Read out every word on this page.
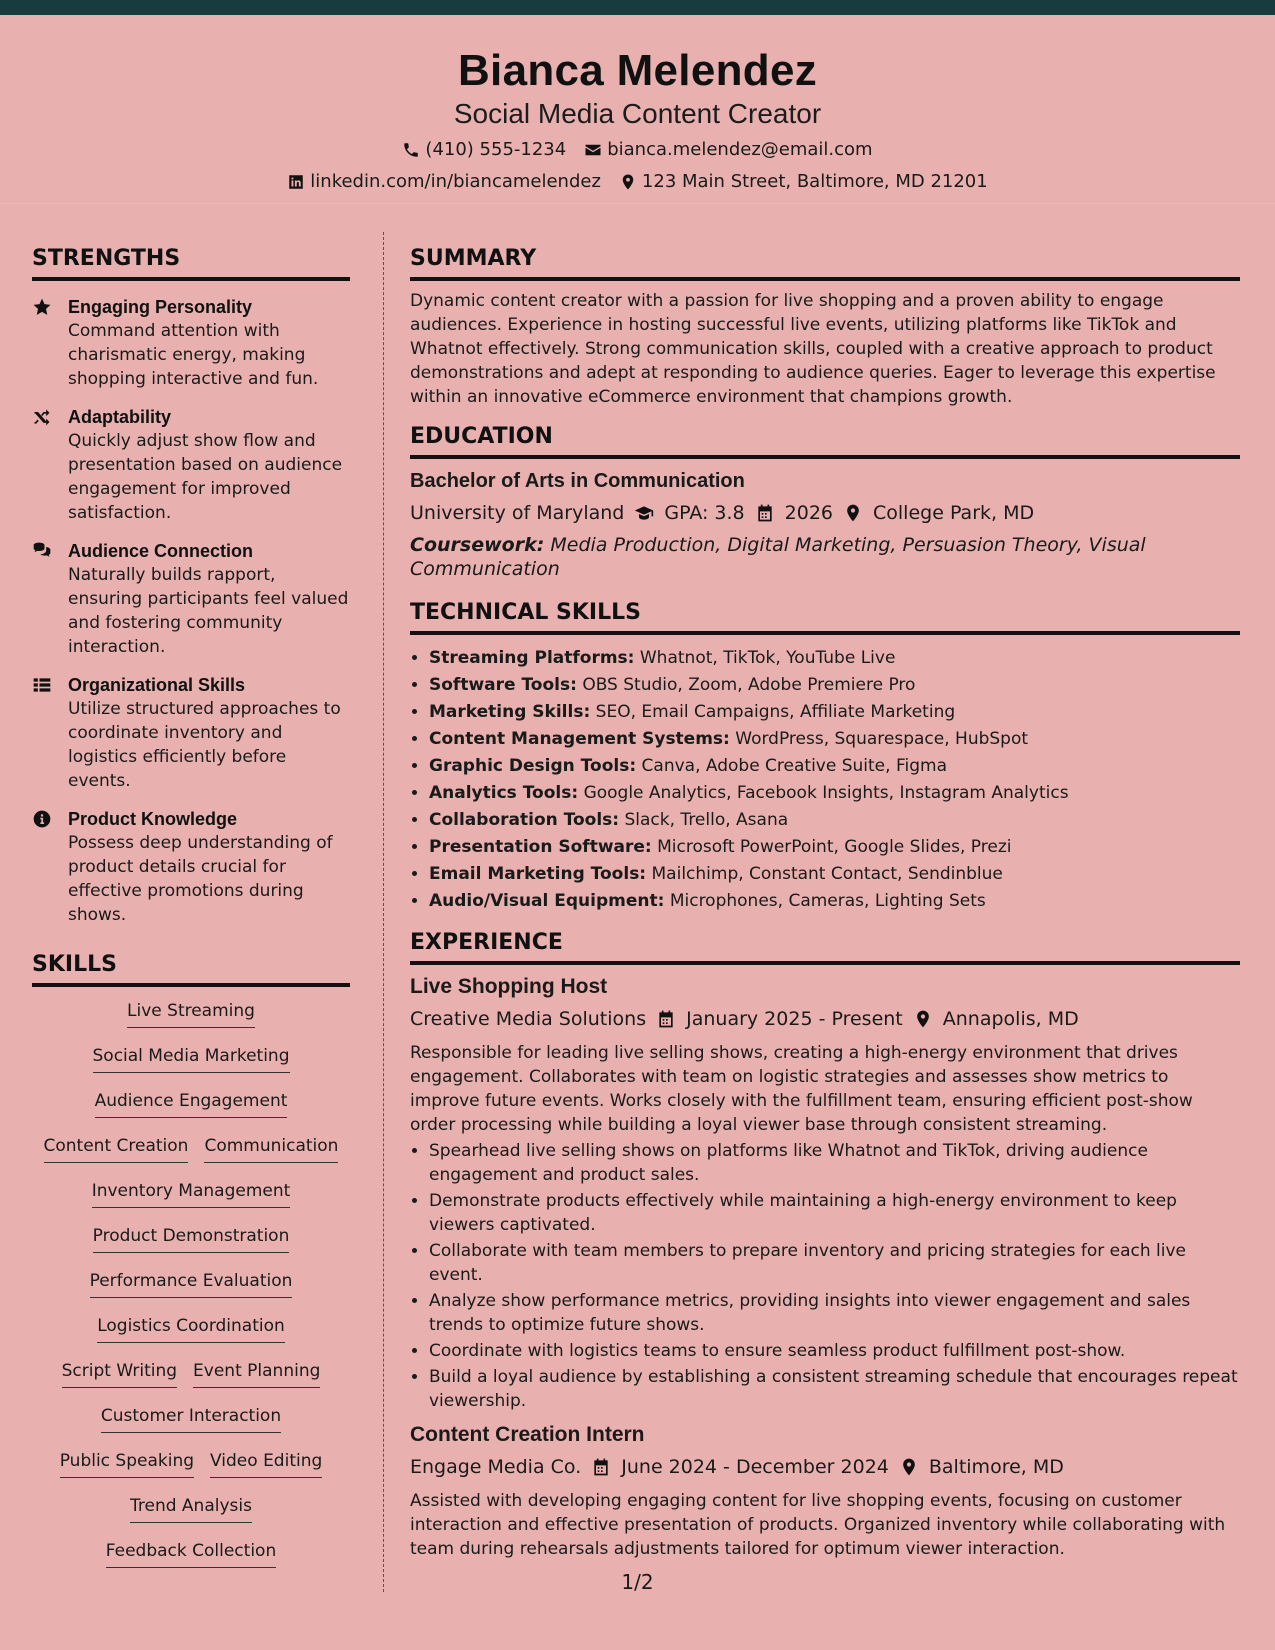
Bianca Melendez
Social Media Content Creator
(410) 555-1234 bianca.melendez@email.com
linkedin.com/in/biancamelendez 123 Main Street, Baltimore, MD 21201
STRENGTHS
Engaging Personality
Command attention with charismatic energy, making shopping interactive and fun.
Adaptability
Quickly adjust show flow and presentation based on audience engagement for improved satisfaction.
Audience Connection
Naturally builds rapport, ensuring participants feel valued and fostering community interaction.
Organizational Skills
Utilize structured approaches to coordinate inventory and logistics efficiently before events.
Product Knowledge
Possess deep understanding of product details crucial for effective promotions during shows.
SKILLS
Live Streaming
Social Media Marketing
Audience Engagement
Content Creation Communication
Inventory Management
Product Demonstration
Performance Evaluation
Logistics Coordination
Script Writing Event Planning
Customer Interaction
Public Speaking Video Editing
Trend Analysis
Feedback Collection
SUMMARY
Dynamic content creator with a passion for live shopping and a proven ability to engage audiences. Experience in hosting successful live events, utilizing platforms like TikTok and Whatnot effectively. Strong communication skills, coupled with a creative approach to product demonstrations and adept at responding to audience queries. Eager to leverage this expertise within an innovative eCommerce environment that champions growth.
EDUCATION
Bachelor of Arts in Communication
University of Maryland GPA: 3.8 2026 College Park, MD
Coursework: Media Production, Digital Marketing, Persuasion Theory, Visual Communication
TECHNICAL SKILLS
• Streaming Platforms: Whatnot, TikTok, YouTube Live
• Software Tools: OBS Studio, Zoom, Adobe Premiere Pro
• Marketing Skills: SEO, Email Campaigns, Affiliate Marketing
• Content Management Systems: WordPress, Squarespace, HubSpot
• Graphic Design Tools: Canva, Adobe Creative Suite, Figma
• Analytics Tools: Google Analytics, Facebook Insights, Instagram Analytics
• Collaboration Tools: Slack, Trello, Asana
• Presentation Software: Microsoft PowerPoint, Google Slides, Prezi
• Email Marketing Tools: Mailchimp, Constant Contact, Sendinblue
• Audio/Visual Equipment: Microphones, Cameras, Lighting Sets
EXPERIENCE
Live Shopping Host
Creative Media Solutions January 2025 - Present Annapolis, MD
Responsible for leading live selling shows, creating a high-energy environment that drives engagement. Collaborates with team on logistic strategies and assesses show metrics to improve future events. Works closely with the fulfillment team, ensuring efficient post-show order processing while building a loyal viewer base through consistent streaming.
• Spearhead live selling shows on platforms like Whatnot and TikTok, driving audience engagement and product sales.
• Demonstrate products effectively while maintaining a high-energy environment to keep viewers captivated.
• Collaborate with team members to prepare inventory and pricing strategies for each live event.
• Analyze show performance metrics, providing insights into viewer engagement and sales trends to optimize future shows.
• Coordinate with logistics teams to ensure seamless product fulfillment post-show.
• Build a loyal audience by establishing a consistent streaming schedule that encourages repeat viewership.
Content Creation Intern
Engage Media Co. June 2024 - December 2024 Baltimore, MD
Assisted with developing engaging content for live shopping events, focusing on customer interaction and effective presentation of products. Organized inventory while collaborating with team during rehearsals adjustments tailored for optimum viewer interaction.
1/2
